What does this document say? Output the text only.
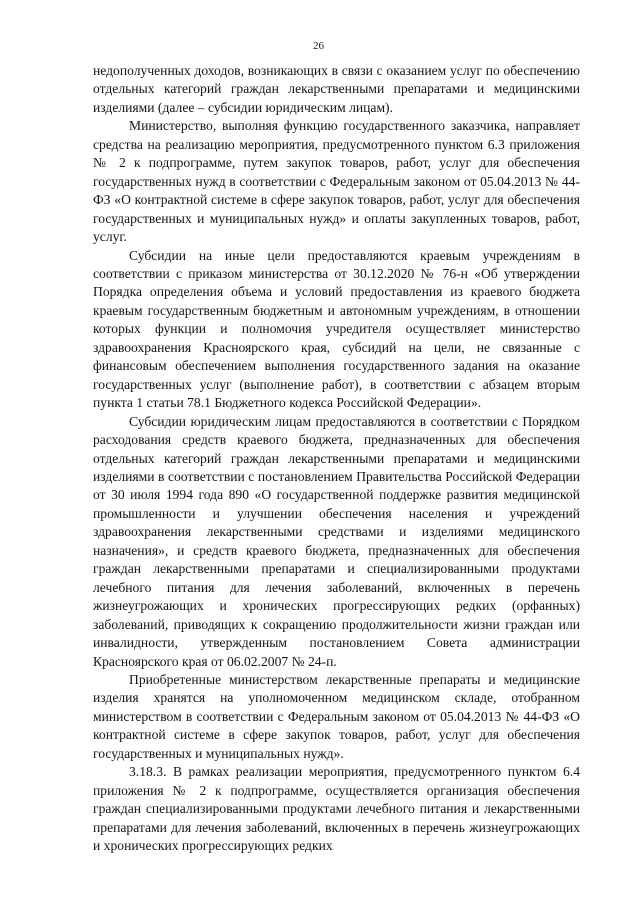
26

недополученных доходов, возникающих в связи с оказанием услуг по обеспечению отдельных категорий граждан лекарственными препаратами и медицинскими изделиями (далее – субсидии юридическим лицам).

Министерство, выполняя функцию государственного заказчика, направляет средства на реализацию мероприятия, предусмотренного пунктом 6.3 приложения № 2 к подпрограмме, путем закупок товаров, работ, услуг для обеспечения государственных нужд в соответствии с Федеральным законом от 05.04.2013 № 44-ФЗ «О контрактной системе в сфере закупок товаров, работ, услуг для обеспечения государственных и муниципальных нужд» и оплаты закупленных товаров, работ, услуг.

Субсидии на иные цели предоставляются краевым учреждениям в соответствии с приказом министерства от 30.12.2020 № 76-н «Об утверждении Порядка определения объема и условий предоставления из краевого бюджета краевым государственным бюджетным и автономным учреждениям, в отношении которых функции и полномочия учредителя осуществляет министерство здравоохранения Красноярского края, субсидий на цели, не связанные с финансовым обеспечением выполнения государственного задания на оказание государственных услуг (выполнение работ), в соответствии с абзацем вторым пункта 1 статьи 78.1 Бюджетного кодекса Российской Федерации».

Субсидии юридическим лицам предоставляются в соответствии с Порядком расходования средств краевого бюджета, предназначенных для обеспечения отдельных категорий граждан лекарственными препаратами и медицинскими изделиями в соответствии с постановлением Правительства Российской Федерации от 30 июля 1994 года 890 «О государственной поддержке развития медицинской промышленности и улучшении обеспечения населения и учреждений здравоохранения лекарственными средствами и изделиями медицинского назначения», и средств краевого бюджета, предназначенных для обеспечения граждан лекарственными препаратами и специализированными продуктами лечебного питания для лечения заболеваний, включенных в перечень жизнеугрожающих и хронических прогрессирующих редких (орфанных) заболеваний, приводящих к сокращению продолжительности жизни граждан или инвалидности, утвержденным постановлением Совета администрации Красноярского края от 06.02.2007 № 24-п.

Приобретенные министерством лекарственные препараты и медицинские изделия хранятся на уполномоченном медицинском складе, отобранном министерством в соответствии с Федеральным законом от 05.04.2013 № 44-ФЗ «О контрактной системе в сфере закупок товаров, работ, услуг для обеспечения государственных и муниципальных нужд».

3.18.3. В рамках реализации мероприятия, предусмотренного пунктом 6.4 приложения № 2 к подпрограмме, осуществляется организация обеспечения граждан специализированными продуктами лечебного питания и лекарственными препаратами для лечения заболеваний, включенных в перечень жизнеугрожающих и хронических прогрессирующих редких
